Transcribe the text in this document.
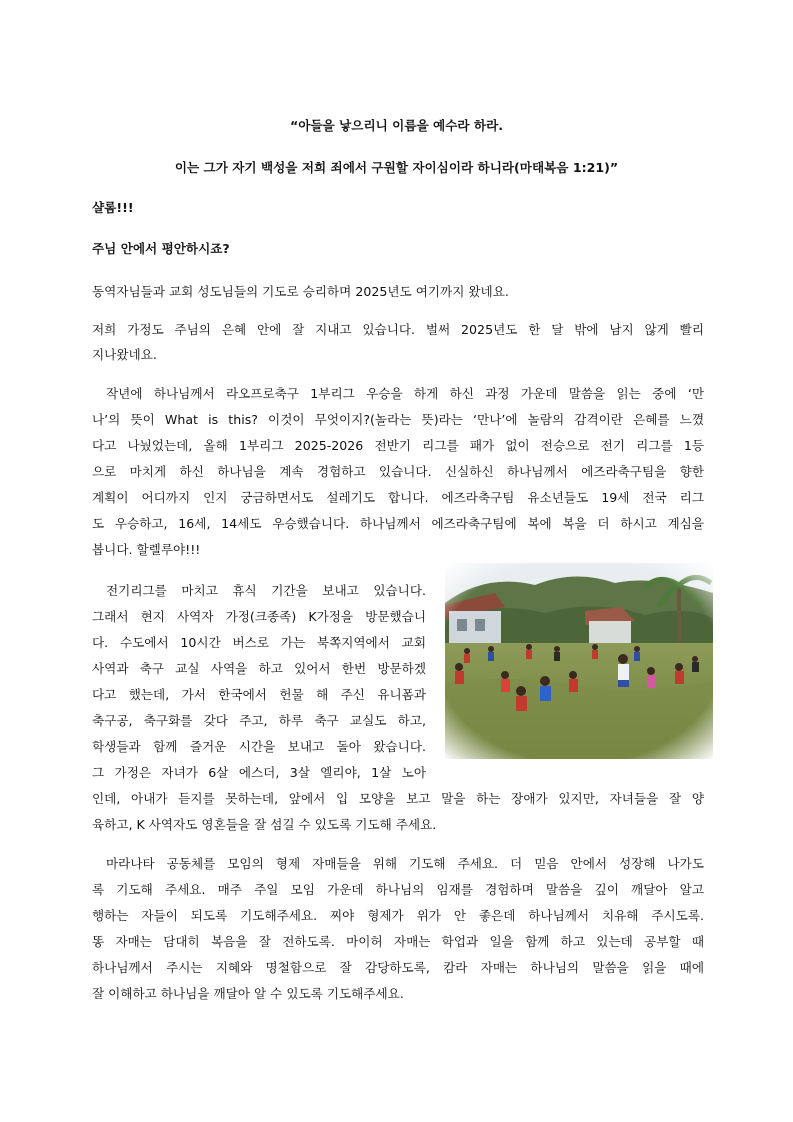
“아들을 낳으리니 이름을 예수라 하라.

이는 그가 자기 백성을 저희 죄에서 구원할 자이심이라 하니라(마태복음 1:21)”

샬롬!!!

주님 안에서 평안하시죠?

동역자님들과 교회 성도님들의 기도로 승리하며 2025년도 여기까지 왔네요.

저희 가정도 주님의 은혜 안에 잘 지내고 있습니다. 벌써 2025년도 한 달 밖에 남지 않게 빨리

지나왔네요.

작년에 하나님께서 라오프로축구 1부리그 우승을 하게 하신 과정 가운데 말씀을 읽는 중에 ‘만

나’의 뜻이 What is this? 이것이 무엇이지?(놀라는 뜻)라는 ‘만나’에 놀람의 감격이란 은혜를 느꼈

다고 나눴었는데, 올해 1부리그 2025-2026 전반기 리그를 패가 없이 전승으로 전기 리그를 1등

으로 마치게 하신 하나님을 계속 경험하고 있습니다. 신실하신 하나님께서 에즈라축구팀을 향한

계획이 어디까지 인지 궁금하면서도 설레기도 합니다. 에즈라축구팀 유소년들도 19세 전국 리그

도 우승하고, 16세, 14세도 우승했습니다. 하나님께서 에즈라축구팀에 복에 복을 더 하시고 계심을

봅니다. 할렐루야!!!

전기리그를 마치고 휴식 기간을 보내고 있습니다.

그래서 현지 사역자 가정(크종족) K가정을 방문했습니

다. 수도에서 10시간 버스로 가는 북쪽지역에서 교회

사역과 축구 교실 사역을 하고 있어서 한번 방문하겠

다고 했는데, 가서 한국에서 헌물 해 주신 유니폼과

축구공, 축구화를 갖다 주고, 하루 축구 교실도 하고,

학생들과 함께 즐거운 시간을 보내고 돌아 왔습니다.

그 가정은 자녀가 6살 에스더, 3살 엘리야, 1살 노아

인데, 아내가 듣지를 못하는데, 앞에서 입 모양을 보고 말을 하는 장애가 있지만, 자녀들을 잘 양

육하고, K 사역자도 영혼들을 잘 섬길 수 있도록 기도해 주세요.

마라나타 공동체를 모임의 형제 자매들을 위해 기도해 주세요. 더 믿음 안에서 성장해 나가도

록 기도해 주세요. 매주 주일 모임 가운데 하나님의 임재를 경험하며 말씀을 깊이 깨달아 알고

행하는 자들이 되도록 기도해주세요. 찌야 형제가 위가 안 좋은데 하나님께서 치유해 주시도록.

똥 자매는 담대히 복음을 잘 전하도록. 마이허 자매는 학업과 일을 함께 하고 있는데 공부할 때

하나님께서 주시는 지혜와 명철함으로 잘 감당하도록, 캄라 자매는 하나님의 말씀을 읽을 때에

잘 이해하고 하나님을 깨달아 알 수 있도록 기도해주세요.
